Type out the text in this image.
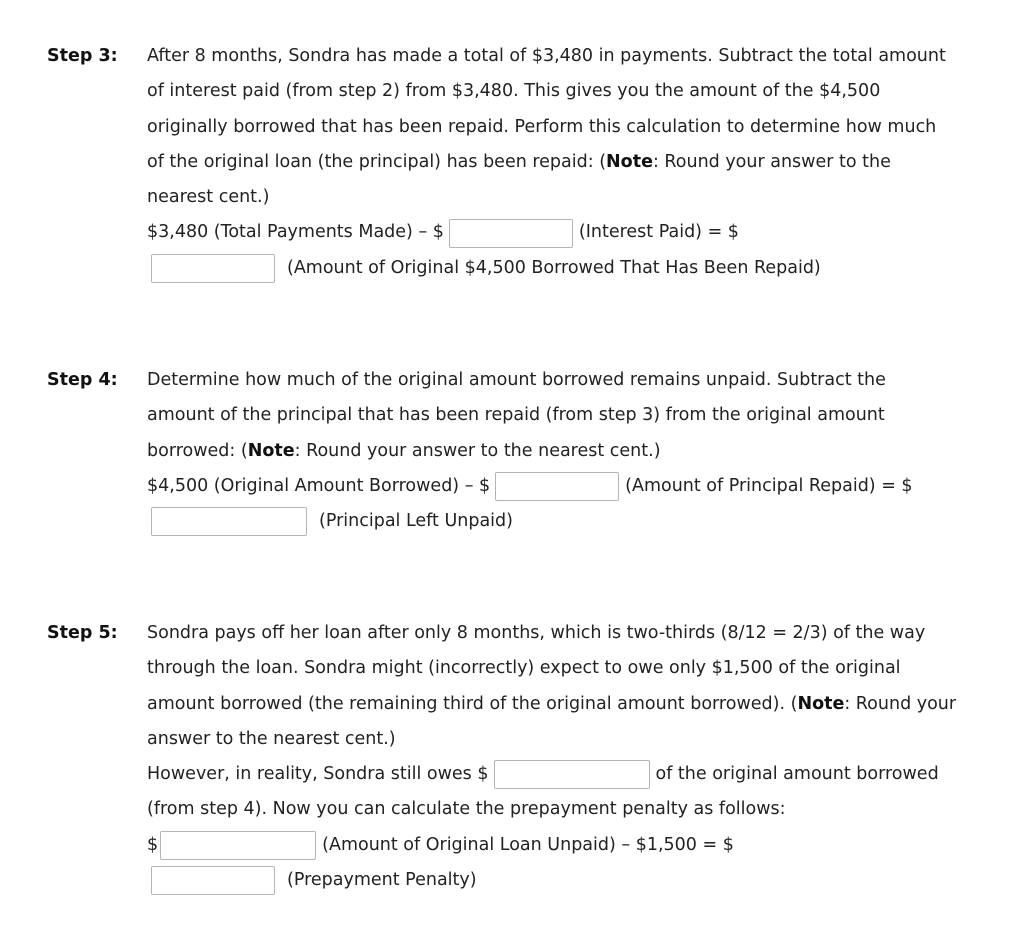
Step 3: After 8 months, Sondra has made a total of $3,480 in payments. Subtract the total amount of interest paid (from step 2) from $3,480. This gives you the amount of the $4,500 originally borrowed that has been repaid. Perform this calculation to determine how much of the original loan (the principal) has been repaid: (Note: Round your answer to the nearest cent.)

$3,480 (Total Payments Made) – $	(Interest Paid) = $
(Amount of Original $4,500 Borrowed That Has Been Repaid)
Step 4: Determine how much of the original amount borrowed remains unpaid. Subtract the amount of the principal that has been repaid (from step 3) from the original amount borrowed: (Note: Round your answer to the nearest cent.)

$4,500 (Original Amount Borrowed) – $	(Amount of Principal Repaid) = $
(Principal Left Unpaid)
Step 5: Sondra pays off her loan after only 8 months, which is two-thirds (8/12 = 2/3) of the way through the loan. Sondra might (incorrectly) expect to owe only $1,500 of the original amount borrowed (the remaining third of the original amount borrowed). (Note: Round your answer to the nearest cent.)

However, in reality, Sondra still owes $	of the original amount borrowed
(from step 4). Now you can calculate the prepayment penalty as follows:
$	(Amount of Original Loan Unpaid) – $1,500 = $
(Prepayment Penalty)
